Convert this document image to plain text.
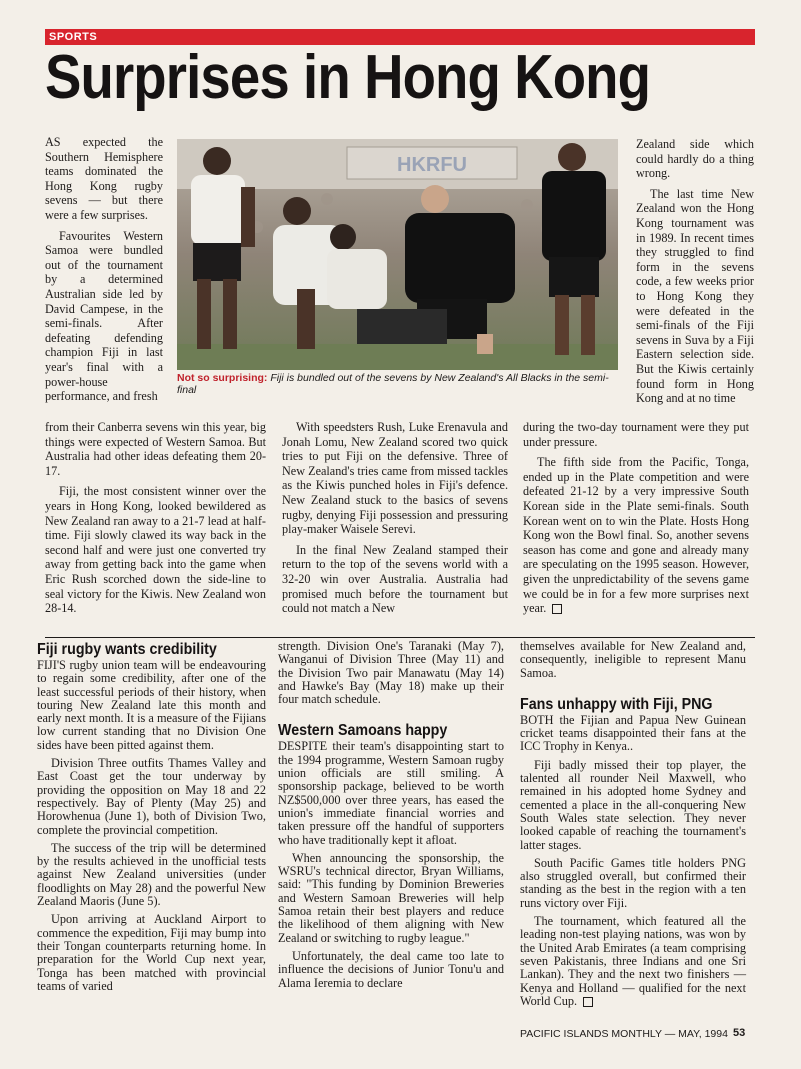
SPORTS
Surprises in Hong Kong

AS expected the Southern Hemisphere teams dominated the Hong Kong rugby sevens — but there were a few surprises.

Favourites Western Samoa were bundled out of the tournament by a determined Australian side led by David Campese, in the semi-finals. After defeating defending champion Fiji in last year's final with a power-house performance, and fresh

from their Canberra sevens win this year, big things were expected of Western Samoa. But Australia had other ideas defeating them 20-17.

Fiji, the most consistent winner over the years in Hong Kong, looked bewildered as New Zealand ran away to a 21-7 lead at half-time. Fiji slowly clawed its way back in the second half and were just one converted try away from getting back into the game when Eric Rush scorched down the side-line to seal victory for the Kiwis. New Zealand won 28-14.

With speedsters Rush, Luke Erenavula and Jonah Lomu, New Zealand scored two quick tries to put Fiji on the defensive. Three of New Zealand's tries came from missed tackles as the Kiwis punched holes in Fiji's defence. New Zealand stuck to the basics of sevens rugby, denying Fiji possession and pressuring play-maker Waisele Serevi.

In the final New Zealand stamped their return to the top of the sevens world with a 32-20 win over Australia. Australia had promised much before the tournament but could not match a New

Zealand side which could hardly do a thing wrong.

The last time New Zealand won the Hong Kong tournament was in 1989. In recent times they struggled to find form in the sevens code, a few weeks prior to Hong Kong they were defeated in the semi-finals of the Fiji sevens in Suva by a Fiji Eastern selection side. But the Kiwis certainly found form in Hong Kong and at no time

during the two-day tournament were they put under pressure.

The fifth side from the Pacific, Tonga, ended up in the Plate competition and were defeated 21-12 by a very impressive South Korean side in the Plate semi-finals. South Korean went on to win the Plate. Hosts Hong Kong won the Bowl final. So, another sevens season has come and gone and already many are speculating on the 1995 season. However, given the unpredictability of the sevens game we could be in for a few more surprises next year.

HKRFU
Not so surprising: Fiji is bundled out of the sevens by New Zealand's All Blacks in the semi-final
Fiji rugby wants credibility

FIJI'S rugby union team will be endeavouring to regain some credibility, after one of the least successful periods of their history, when touring New Zealand late this month and early next month. It is a measure of the Fijians low current standing that no Division One sides have been pitted against them.

Division Three outfits Thames Valley and East Coast get the tour underway by providing the opposition on May 18 and 22 respectively. Bay of Plenty (May 25) and Horowhenua (June 1), both of Division Two, complete the provincial competition.

The success of the trip will be determined by the results achieved in the unofficial tests against New Zealand universities (under floodlights on May 28) and the powerful New Zealand Maoris (June 5).

Upon arriving at Auckland Airport to commence the expedition, Fiji may bump into their Tongan counterparts returning home. In preparation for the World Cup next year, Tonga has been matched with provincial teams of varied

strength. Division One's Taranaki (May 7), Wanganui of Division Three (May 11) and the Division Two pair Manawatu (May 14) and Hawke's Bay (May 18) make up their four match schedule.

Western Samoans happy

DESPITE their team's disappointing start to the 1994 programme, Western Samoan rugby union officials are still smiling. A sponsorship package, believed to be worth NZ$500,000 over three years, has eased the union's immediate financial worries and taken pressure off the handful of supporters who have traditionally kept it afloat.

When announcing the sponsorship, the WSRU's technical director, Bryan Williams, said: "This funding by Dominion Breweries and Western Samoan Breweries will help Samoa retain their best players and reduce the likelihood of them aligning with New Zealand or switching to rugby league."

Unfortunately, the deal came too late to influence the decisions of Junior Tonu'u and Alama Ieremia to declare

themselves available for New Zealand and, consequently, ineligible to represent Manu Samoa.

Fans unhappy with Fiji, PNG

BOTH the Fijian and Papua New Guinean cricket teams disappointed their fans at the ICC Trophy in Kenya..

Fiji badly missed their top player, the talented all rounder Neil Maxwell, who remained in his adopted home Sydney and cemented a place in the all-conquering New South Wales state selection. They never looked capable of reaching the tournament's latter stages.

South Pacific Games title holders PNG also struggled overall, but confirmed their standing as the best in the region with a ten runs victory over Fiji.

The tournament, which featured all the leading non-test playing nations, was won by the United Arab Emirates (a team comprising seven Pakistanis, three Indians and one Sri Lankan). They and the next two finishers — Kenya and Holland — qualified for the next World Cup.

PACIFIC ISLANDS MONTHLY — MAY, 1994 53
